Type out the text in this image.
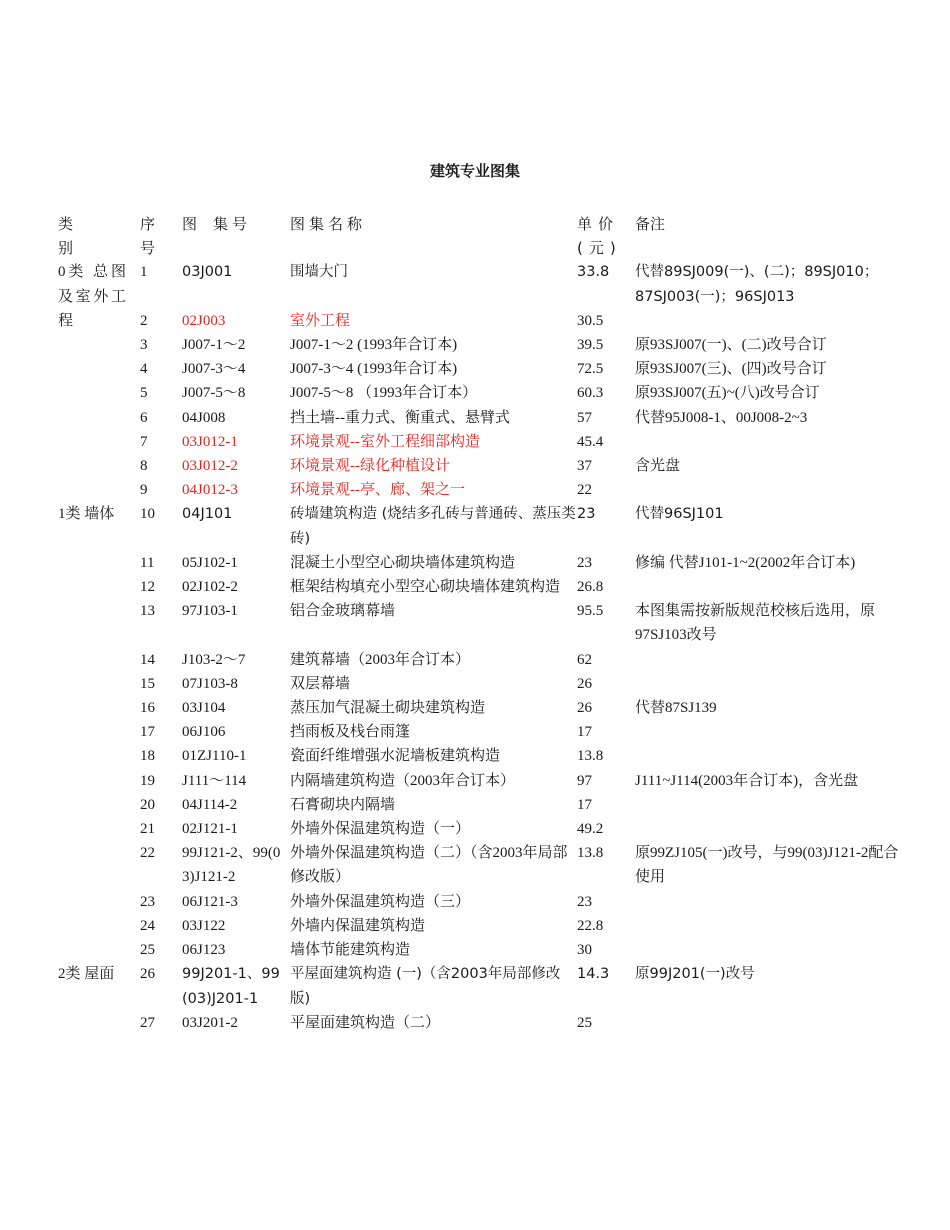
建筑专业图集
类别	序号	图 集号	图集名称	单价(元)	备注

0类 总图及室外工程	1	03J001	围墙大门	33.8	代替89SJ009(一)、(二)；89SJ010；87SJ003(一)；96SJ013
	2	02J003	室外工程	30.5	
	3	J007-1～2	J007-1～2 (1993年合订本)	39.5	原93SJ007(一)、(二)改号合订
	4	J007-3～4	J007-3～4 (1993年合订本)	72.5	原93SJ007(三)、(四)改号合订
	5	J007-5～8	J007-5～8 （1993年合订本）	60.3	原93SJ007(五)~(八)改号合订
	6	04J008	挡土墙--重力式、衡重式、悬臂式	57	代替95J008-1、00J008-2~3
	7	03J012-1	环境景观--室外工程细部构造	45.4	
	8	03J012-2	环境景观--绿化种植设计	37	含光盘
	9	04J012-3	环境景观--亭、廊、架之一	22	
1类 墙体	10	04J101	砖墙建筑构造 (烧结多孔砖与普通砖、蒸压类砖)	23	代替96SJ101
	11	05J102-1	混凝土小型空心砌块墙体建筑构造	23	修编 代替J101-1~2(2002年合订本)
	12	02J102-2	框架结构填充小型空心砌块墙体建筑构造	26.8	
	13	97J103-1	铝合金玻璃幕墙	95.5	本图集需按新版规范校核后选用，原97SJ103改号
	14	J103-2～7	建筑幕墙（2003年合订本）	62	
	15	07J103-8	双层幕墙	26	
	16	03J104	蒸压加气混凝土砌块建筑构造	26	代替87SJ139
	17	06J106	挡雨板及栈台雨篷	17	
	18	01ZJ110-1	瓷面纤维增强水泥墙板建筑构造	13.8	
	19	J111～114	内隔墙建筑构造（2003年合订本）	97	J111~J114(2003年合订本)，含光盘
	20	04J114-2	石膏砌块内隔墙	17	
	21	02J121-1	外墙外保温建筑构造（一）	49.2	
	22	99J121-2、99(03)J121-2	外墙外保温建筑构造（二）（含2003年局部修改版）	13.8	原99ZJ105(一)改号，与99(03)J121-2配合使用
	23	06J121-3	外墙外保温建筑构造（三）	23	
	24	03J122	外墙内保温建筑构造	22.8	
	25	06J123	墙体节能建筑构造	30	
2类 屋面	26	99J201-1、99(03)J201-1	平屋面建筑构造 (一)（含2003年局部修改版)	14.3	原99J201(一)改号
	27	03J201-2	平屋面建筑构造（二）	25	
